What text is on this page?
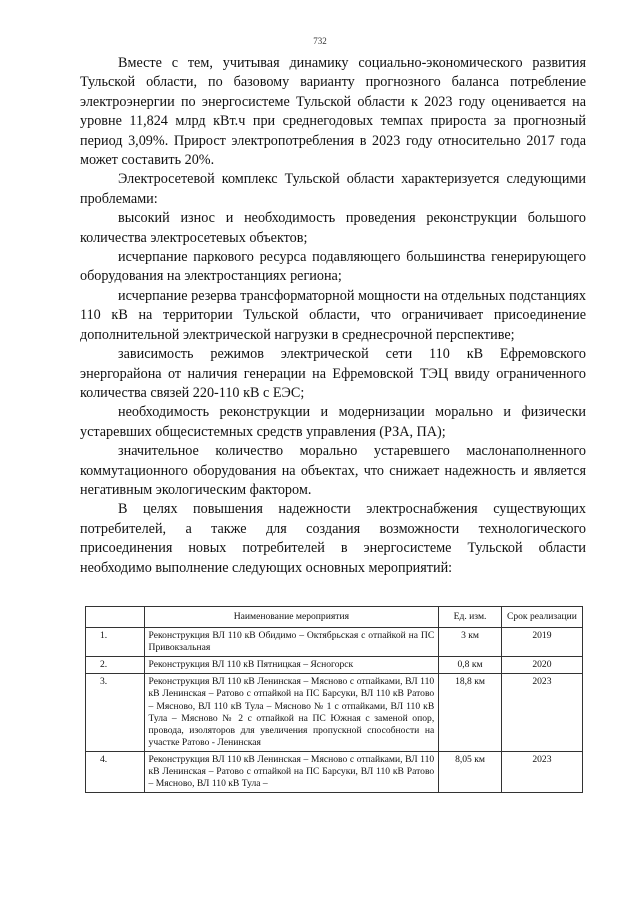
732

Вместе с тем, учитывая динамику социально-экономического развития Тульской области, по базовому варианту прогнозного баланса потребление электроэнергии по энергосистеме Тульской области к 2023 году оценивается на уровне 11,824 млрд кВт.ч при среднегодовых темпах прироста за прогнозный период 3,09%. Прирост электропотребления в 2023 году относительно 2017 года может составить 20%.

Электросетевой комплекс Тульской области характеризуется следующими проблемами:

высокий износ и необходимость проведения реконструкции большого количества электросетевых объектов;

исчерпание паркового ресурса подавляющего большинства генерирующего оборудования на электростанциях региона;

исчерпание резерва трансформаторной мощности на отдельных подстанциях 110 кВ на территории Тульской области, что ограничивает присоединение дополнительной электрической нагрузки в среднесрочной перспективе;

зависимость режимов электрической сети 110 кВ Ефремовского энергорайона от наличия генерации на Ефремовской ТЭЦ ввиду ограниченного количества связей 220-110 кВ с ЕЭС;

необходимость реконструкции и модернизации морально и физически устаревших общесистемных средств управления (РЗА, ПА);

значительное количество морально устаревшего маслонаполненного коммутационного оборудования на объектах, что снижает надежность и является негативным экологическим фактором.

В целях повышения надежности электроснабжения существующих потребителей, а также для создания возможности технологического присоединения новых потребителей в энергосистеме Тульской области необходимо выполнение следующих основных мероприятий:

	Наименование мероприятия	Ед. изм.	Срок реализации
1.	Реконструкция ВЛ 110 кВ Обидимо – Октябрьская с отпайкой на ПС Привокзальная	3 км	2019
2.	Реконструкция ВЛ 110 кВ Пятницкая – Ясногорск	0,8 км	2020
3.	Реконструкция ВЛ 110 кВ Ленинская – Мясново с отпайками, ВЛ 110 кВ Ленинская – Ратово с отпайкой на ПС Барсуки, ВЛ 110 кВ Ратово – Мясново, ВЛ 110 кВ Тула – Мясново № 1 с отпайками, ВЛ 110 кВ Тула – Мясново № 2 с отпайкой на ПС Южная с заменой опор, провода, изоляторов для увеличения пропускной способности на участке Ратово - Ленинская	18,8 км	2023
4.	Реконструкция ВЛ 110 кВ Ленинская – Мясново с отпайками, ВЛ 110 кВ Ленинская – Ратово с отпайкой на ПС Барсуки, ВЛ 110 кВ Ратово – Мясново, ВЛ 110 кВ Тула –	8,05 км	2023
